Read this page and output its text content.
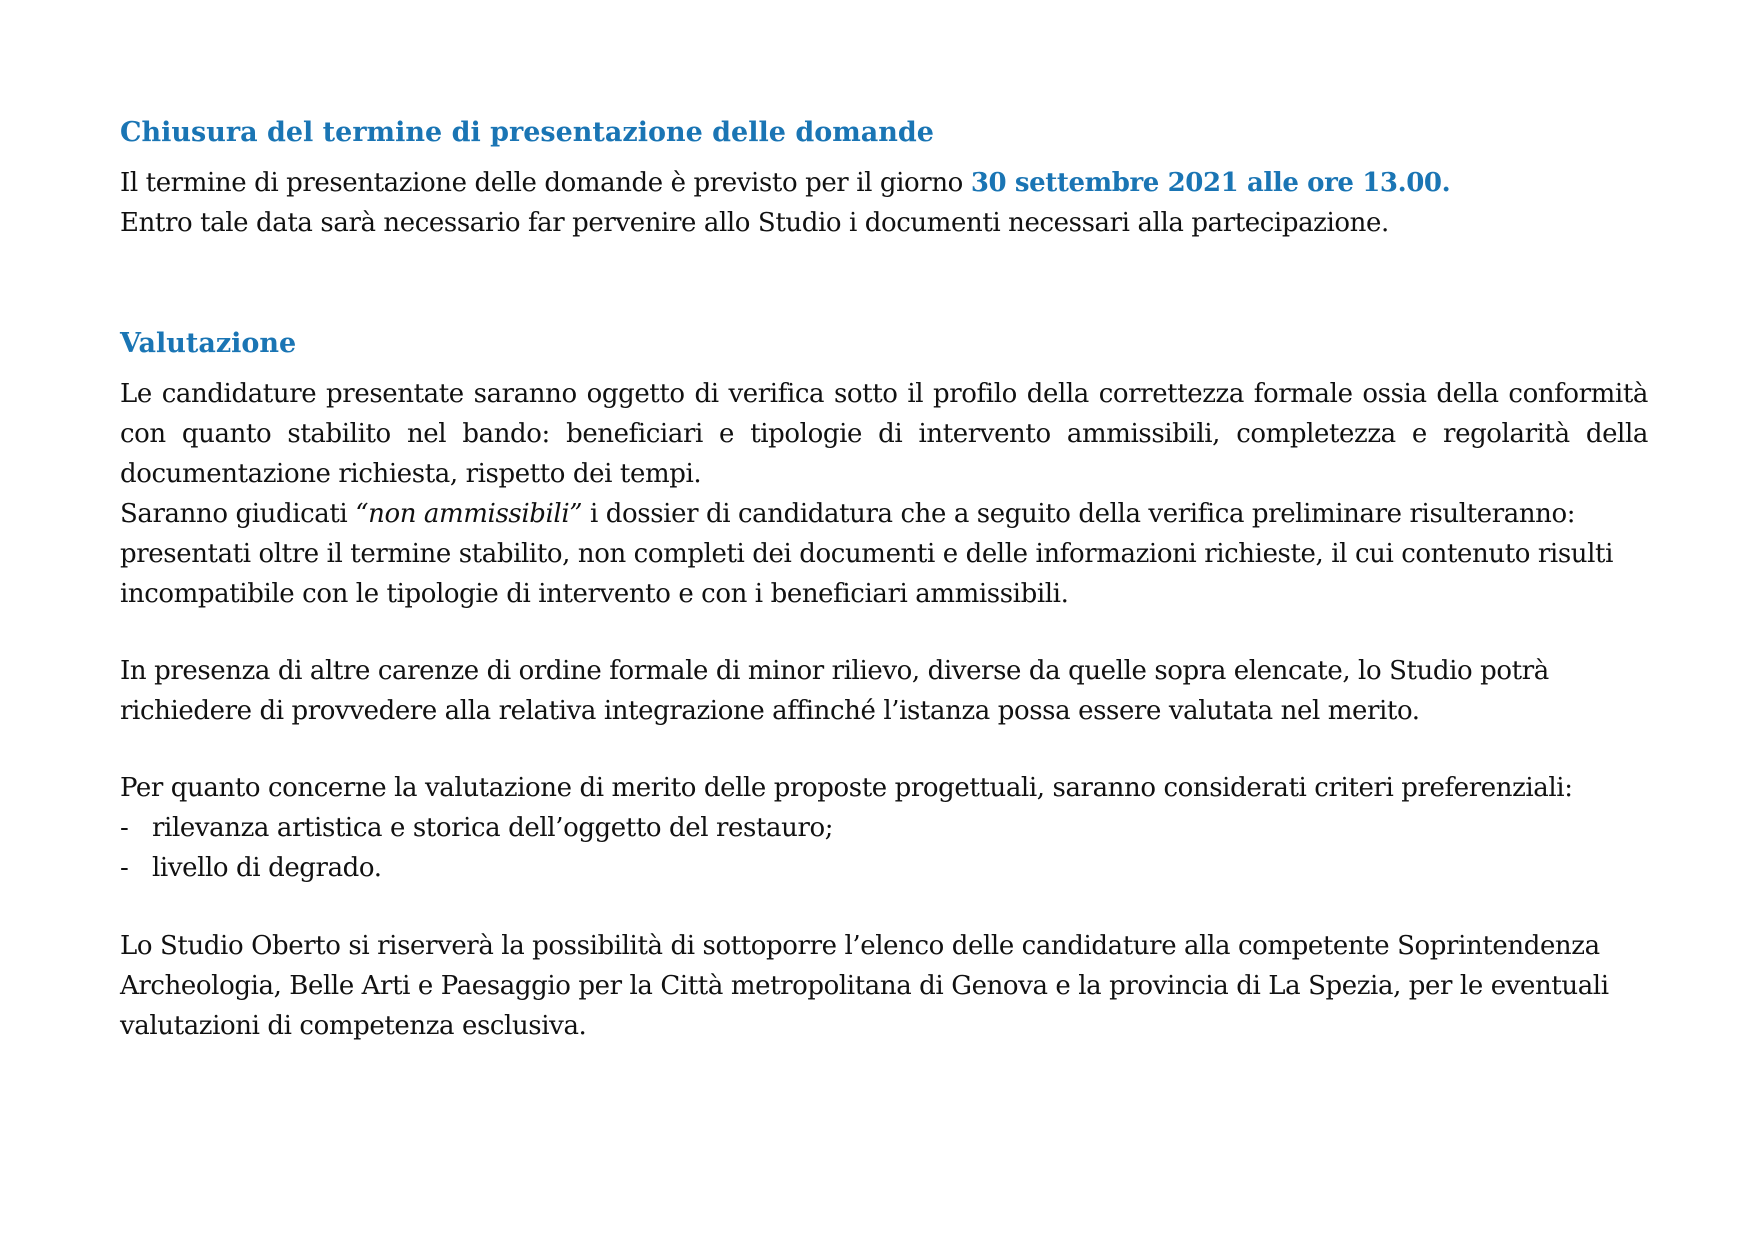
Chiusura del termine di presentazione delle domande

Il termine di presentazione delle domande è previsto per il giorno 30 settembre 2021 alle ore 13.00.

Entro tale data sarà necessario far pervenire allo Studio i documenti necessari alla partecipazione.

Valutazione
Le candidature presentate saranno oggetto di verifica sotto il profilo della correttezza formale ossia della conformità
con quanto stabilito nel bando: beneficiari e tipologie di intervento ammissibili, completezza e regolarità della
documentazione richiesta, rispetto dei tempi.
Saranno giudicati “non ammissibili” i dossier di candidatura che a seguito della verifica preliminare risulteranno:
presentati oltre il termine stabilito, non completi dei documenti e delle informazioni richieste, il cui contenuto risulti
incompatibile con le tipologie di intervento e con i beneficiari ammissibili.
In presenza di altre carenze di ordine formale di minor rilievo, diverse da quelle sopra elencate, lo Studio potrà
richiedere di provvedere alla relativa integrazione affinché l’istanza possa essere valutata nel merito.

Per quanto concerne la valutazione di merito delle proposte progettuali, saranno considerati criteri preferenziali:

- rilevanza artistica e storica dell’oggetto del restauro;
- livello di degrado.
Lo Studio Oberto si riserverà la possibilità di sottoporre l’elenco delle candidature alla competente Soprintendenza
Archeologia, Belle Arti e Paesaggio per la Città metropolitana di Genova e la provincia di La Spezia, per le eventuali
valutazioni di competenza esclusiva.
